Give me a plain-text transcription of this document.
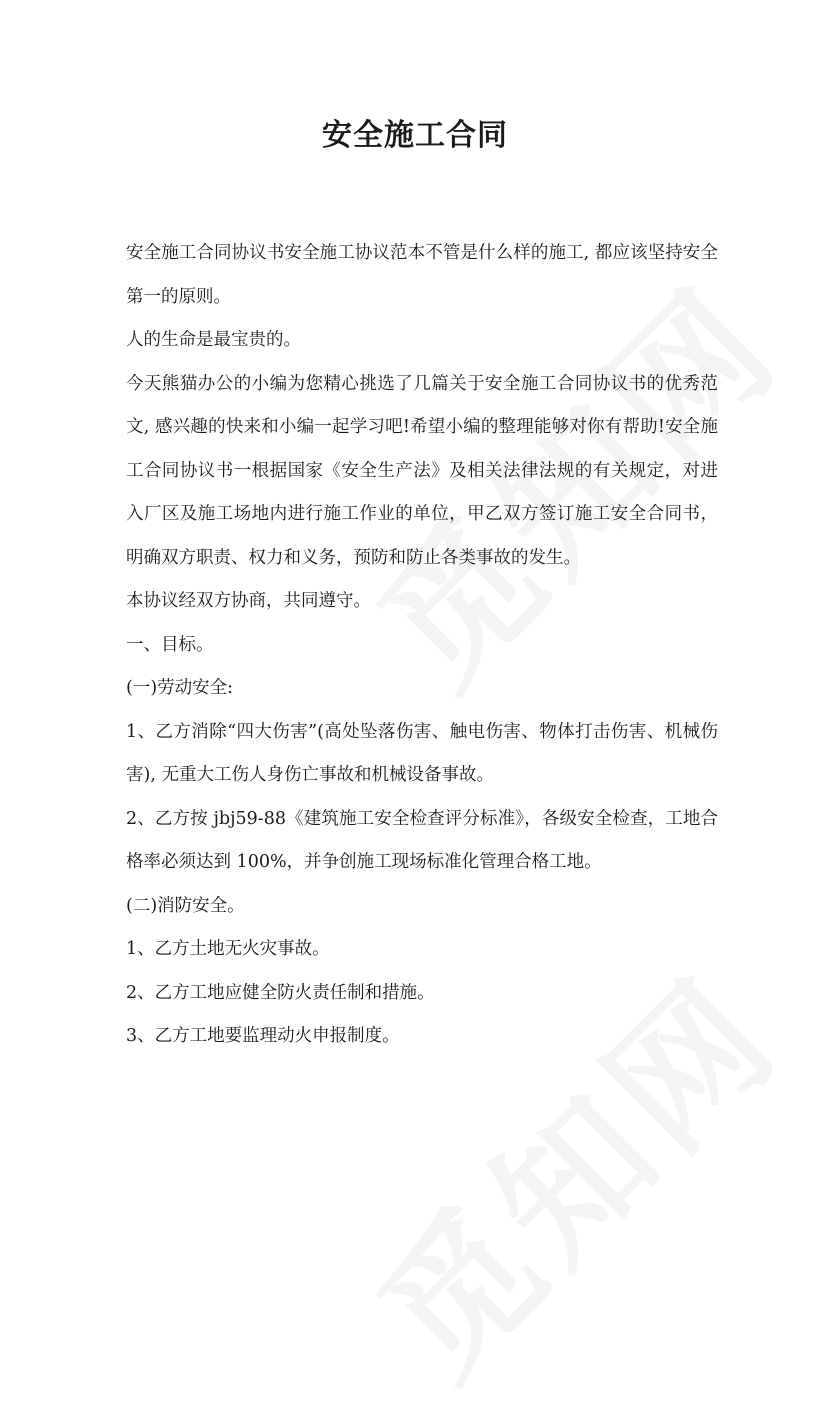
安全施工合同

安全施工合同协议书安全施工协议范本不管是什么样的施工, 都应该坚持安全第一的原则。

人的生命是最宝贵的。

今天熊猫办公的小编为您精心挑选了几篇关于安全施工合同协议书的优秀范文, 感兴趣的快来和小编一起学习吧!希望小编的整理能够对你有帮助!安全施工合同协议书一根据国家《安全生产法》及相关法律法规的有关规定，对进入厂区及施工场地内进行施工作业的单位，甲乙双方签订施工安全合同书，明确双方职责、权力和义务，预防和防止各类事故的发生。

本协议经双方协商，共同遵守。

一、目标。

(一)劳动安全:

1、乙方消除“四大伤害”(高处坠落伤害、触电伤害、物体打击伤害、机械伤害), 无重大工伤人身伤亡事故和机械设备事故。

2、乙方按 jbj59-88《建筑施工安全检查评分标准》，各级安全检查，工地合格率必须达到 100%，并争创施工现场标准化管理合格工地。

(二)消防安全。

1、乙方土地无火灾事故。

2、乙方工地应健全防火责任制和措施。

3、乙方工地要监理动火申报制度。
